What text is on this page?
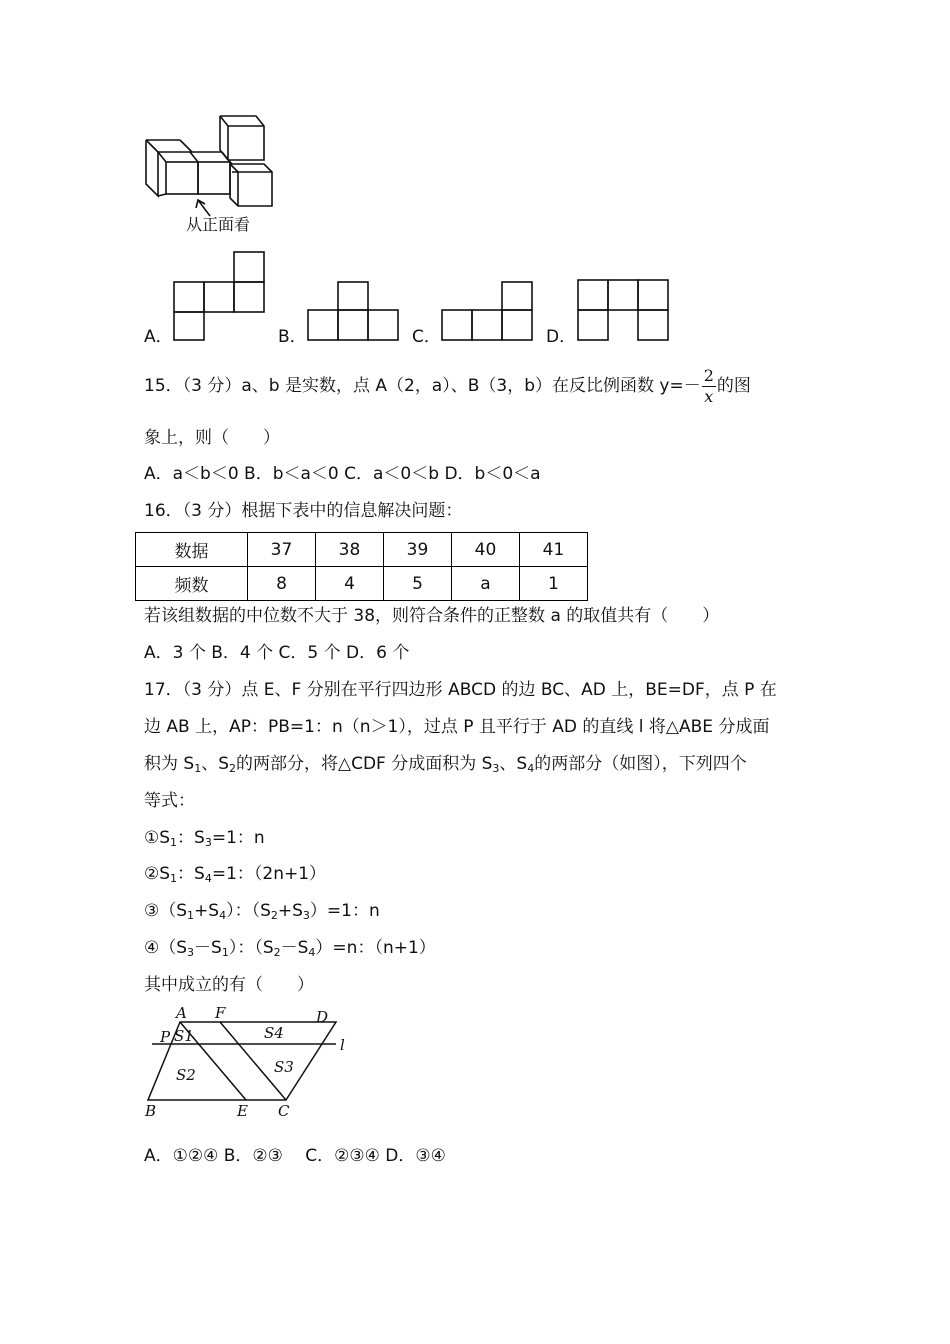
从正面看
A．	B．	C．	D．
15．（3 分）a、b 是实数，点 A（2，a）、B（3，b）在反比例函数 $y=- \frac{2}{x}$ 的图
象上，则（　　）
A．a＜b＜0 B．b＜a＜0 C．a＜0＜b D．b＜0＜a
16．（3 分）根据下表中的信息解决问题：
数据	37	38	39	40	41
频数	8	4	5	a	1
若该组数据的中位数不大于 38，则符合条件的正整数 a 的取值共有（　　）
A．3 个 B．4 个 C．5 个 D．6 个
17．（3 分）点 E、F 分别在平行四边形 ABCD 的边 BC、AD 上，BE=DF，点 P 在
边 AB 上，AP：PB=1：n（n＞1），过点 P 且平行于 AD 的直线 l 将△ABE 分成面
积为 $S_1$、$S_2$的两部分，将△CDF 分成面积为 $S_3$、$S_4$的两部分（如图），下列四个
等式：
$①S_1$：$S_3=1$：n
$②S_1$：$S_4=1$：（2n+1）
$③(S_1+S_4)$：$(S_2+S_3)=1$：n
$④(S_3-S_1)$：$(S_2-S_4)=n$：（n+1）
其中成立的有（　　）
A F	D
P	l
B	E C
S1	S4
S3
S2
A．①②④ B．②③　 C．②③④ D．③④
